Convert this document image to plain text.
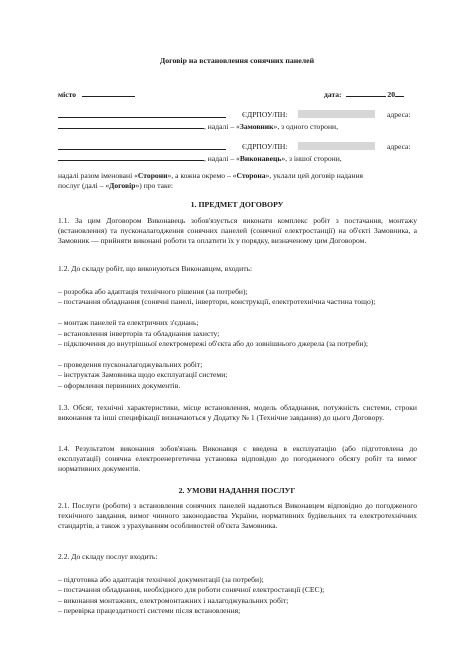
Договір на встановлення сонячних панелей
місто	дата:	20
ЄДРПОУ/ПН:	адреса:
, надалі – «Замовник», з одного сторони,
ЄДРПОУ/ПН:	адреса:
, надалі – «Виконавець», з іншої сторони,
надалі разом іменовані «Сторони», а кожна окремо – «Сторона», уклали цей договір надання
послуг (далі – «Договір») про таке:
1. ПРЕДМЕТ ДОГОВОРУ
1.1. За цим Договором Виконавець зобов'язується виконати комплекс робіт з постачання, монтажу (встановлення) та пусконалагодження сонячних панелей (сонячної електростанції) на об'єкті Замовника, а Замовник — прийняти виконані роботи та оплатити їх у порядку, визначеному цим Договором.
1.2. До складу робіт, що виконуються Виконавцем, входить:
– розробка або адаптація технічного рішення (за потреби);
– постачання обладнання (сонячні панелі, інвертори, конструкції, електротехнічна частина тощо);
– монтаж панелей та електричних з'єднань;
– встановлення інверторів та обладнання захисту;
– підключення до внутрішньої електромережі об'єкта або до зовнішнього джерела (за потреби);
– проведення пусконалагоджувальних робіт;
– інструктаж Замовника щодо експлуатації системи;
– оформлення первинних документів.
1.3. Обсяг, технічні характеристики, місце встановлення, модель обладнання, потужність системи, строки виконання та інші специфікації визначаються у Додатку № 1 (Технічне завдання) до цього Договору.
1.4. Результатом виконання зобов'язань Виконавця є введена в експлуатацію (або підготовлена до експлуатації) сонячна електроенергетична установка відповідно до погодженого обсягу робіт та вимог нормативних документів.
2. УМОВИ НАДАННЯ ПОСЛУГ
2.1. Послуги (роботи) з встановлення сонячних панелей надаються Виконавцем відповідно до погодженого технічного завдання, вимог чинного законодавства України, нормативних будівельних та електротехнічних стандартів, а також з урахуванням особливостей об'єкта Замовника.
2.2. До складу послуг входить:
– підготовка або адаптація технічної документації (за потреби);
– постачання обладнання, необхідного для роботи сонячної електростанції (СЕС);
– виконання монтажних, електромонтажних і налагоджувальних робіт;
– перевірка працездатності системи після встановлення;
